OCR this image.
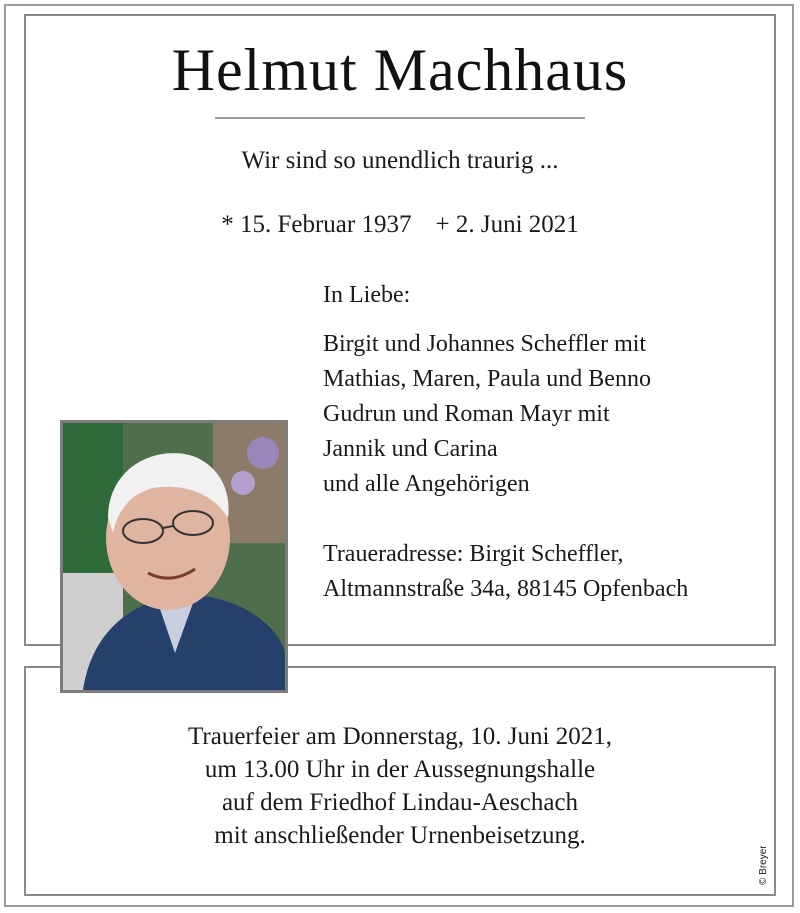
Helmut Machhaus
Wir sind so unendlich traurig ...
* 15. Februar 1937 + 2. Juni 2021
In Liebe:
Birgit und Johannes Scheffler mit
Mathias, Maren, Paula und Benno
Gudrun und Roman Mayr mit
Jannik und Carina
und alle Angehörigen
Traueradresse: Birgit Scheffler,
Altmannstraße 34a, 88145 Opfenbach
Trauerfeier am Donnerstag, 10. Juni 2021,
um 13.00 Uhr in der Aussegnungshalle
auf dem Friedhof Lindau-Aeschach
mit anschließender Urnenbeisetzung.
© Breyer
